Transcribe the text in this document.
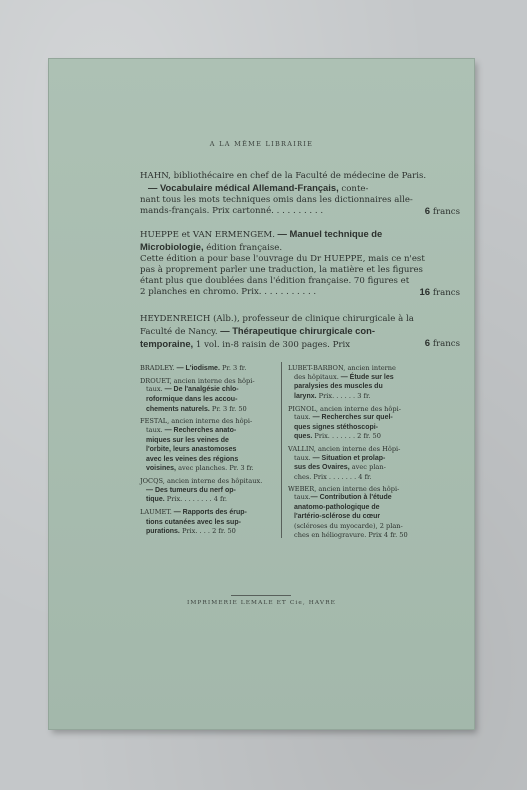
A LA MÊME LIBRAIRIE
HAHN, bibliothécaire en chef de la Faculté de médecine de Paris.
— Vocabulaire médical Allemand-Français, conte-
nant tous les mots techniques omis dans les dictionnaires alle-
mands-français. Prix cartonné. . . . . . . . . .	6 francs
HUEPPE et VAN ERMENGEM. — Manuel technique de
Microbiologie, édition française.
Cette édition a pour base l'ouvrage du Dr HUEPPE, mais ce n'est
pas à proprement parler une traduction, la matière et les figures
étant plus que doublées dans l'édition française. 70 figures et
2 planches en chromo. Prix. . . . . . . . . . .	16 francs
HEYDENREICH (Alb.), professeur de clinique chirurgicale à la
Faculté de Nancy. — Thérapeutique chirurgicale con-
temporaine, 1 vol. in-8 raisin de 300 pages. Prix	6 francs
BRADLEY. — L'iodisme. Pr. 3 fr.
DROUET, ancien interne des hôpi-
taux. — De l'analgésie chlo-
roformique dans les accou-
chements naturels. Pr. 3 fr. 50
FESTAL, ancien interne des hôpi-
taux. — Recherches anato-
miques sur les veines de
l'orbite, leurs anastomoses
avec les veines des régions
voisines, avec planches. Pr. 3 fr.
JOCQS, ancien interne des hôpitaux.
— Des tumeurs du nerf op-
tique. Prix. . . . . . . . 4 fr.
LAUMET. — Rapports des érup-
tions cutanées avec les sup-
purations. Prix. . . . 2 fr. 50
LUBET-BARBON, ancien interne
des hôpitaux. — Étude sur les
paralysies des muscles du
larynx. Prix. . . . . . 3 fr.
PIGNOL, ancien interne des hôpi-
taux. — Recherches sur quel-
ques signes stéthoscopi-
ques. Prix. . . . . . . 2 fr. 50
VALLIN, ancien interne des Hôpi-
taux. — Situation et prolap-
sus des Ovaires, avec plan-
ches. Prix . . . . . . . 4 fr.
WEBER, ancien interne des hôpi-
taux.— Contribution à l'étude
anatomo-pathologique de
l'artério-sclérose du cœur
(scléroses du myocarde), 2 plan-
ches en héliogravure. Prix 4 fr. 50
IMPRIMERIE LEMALE ET Cie, HAVRE
